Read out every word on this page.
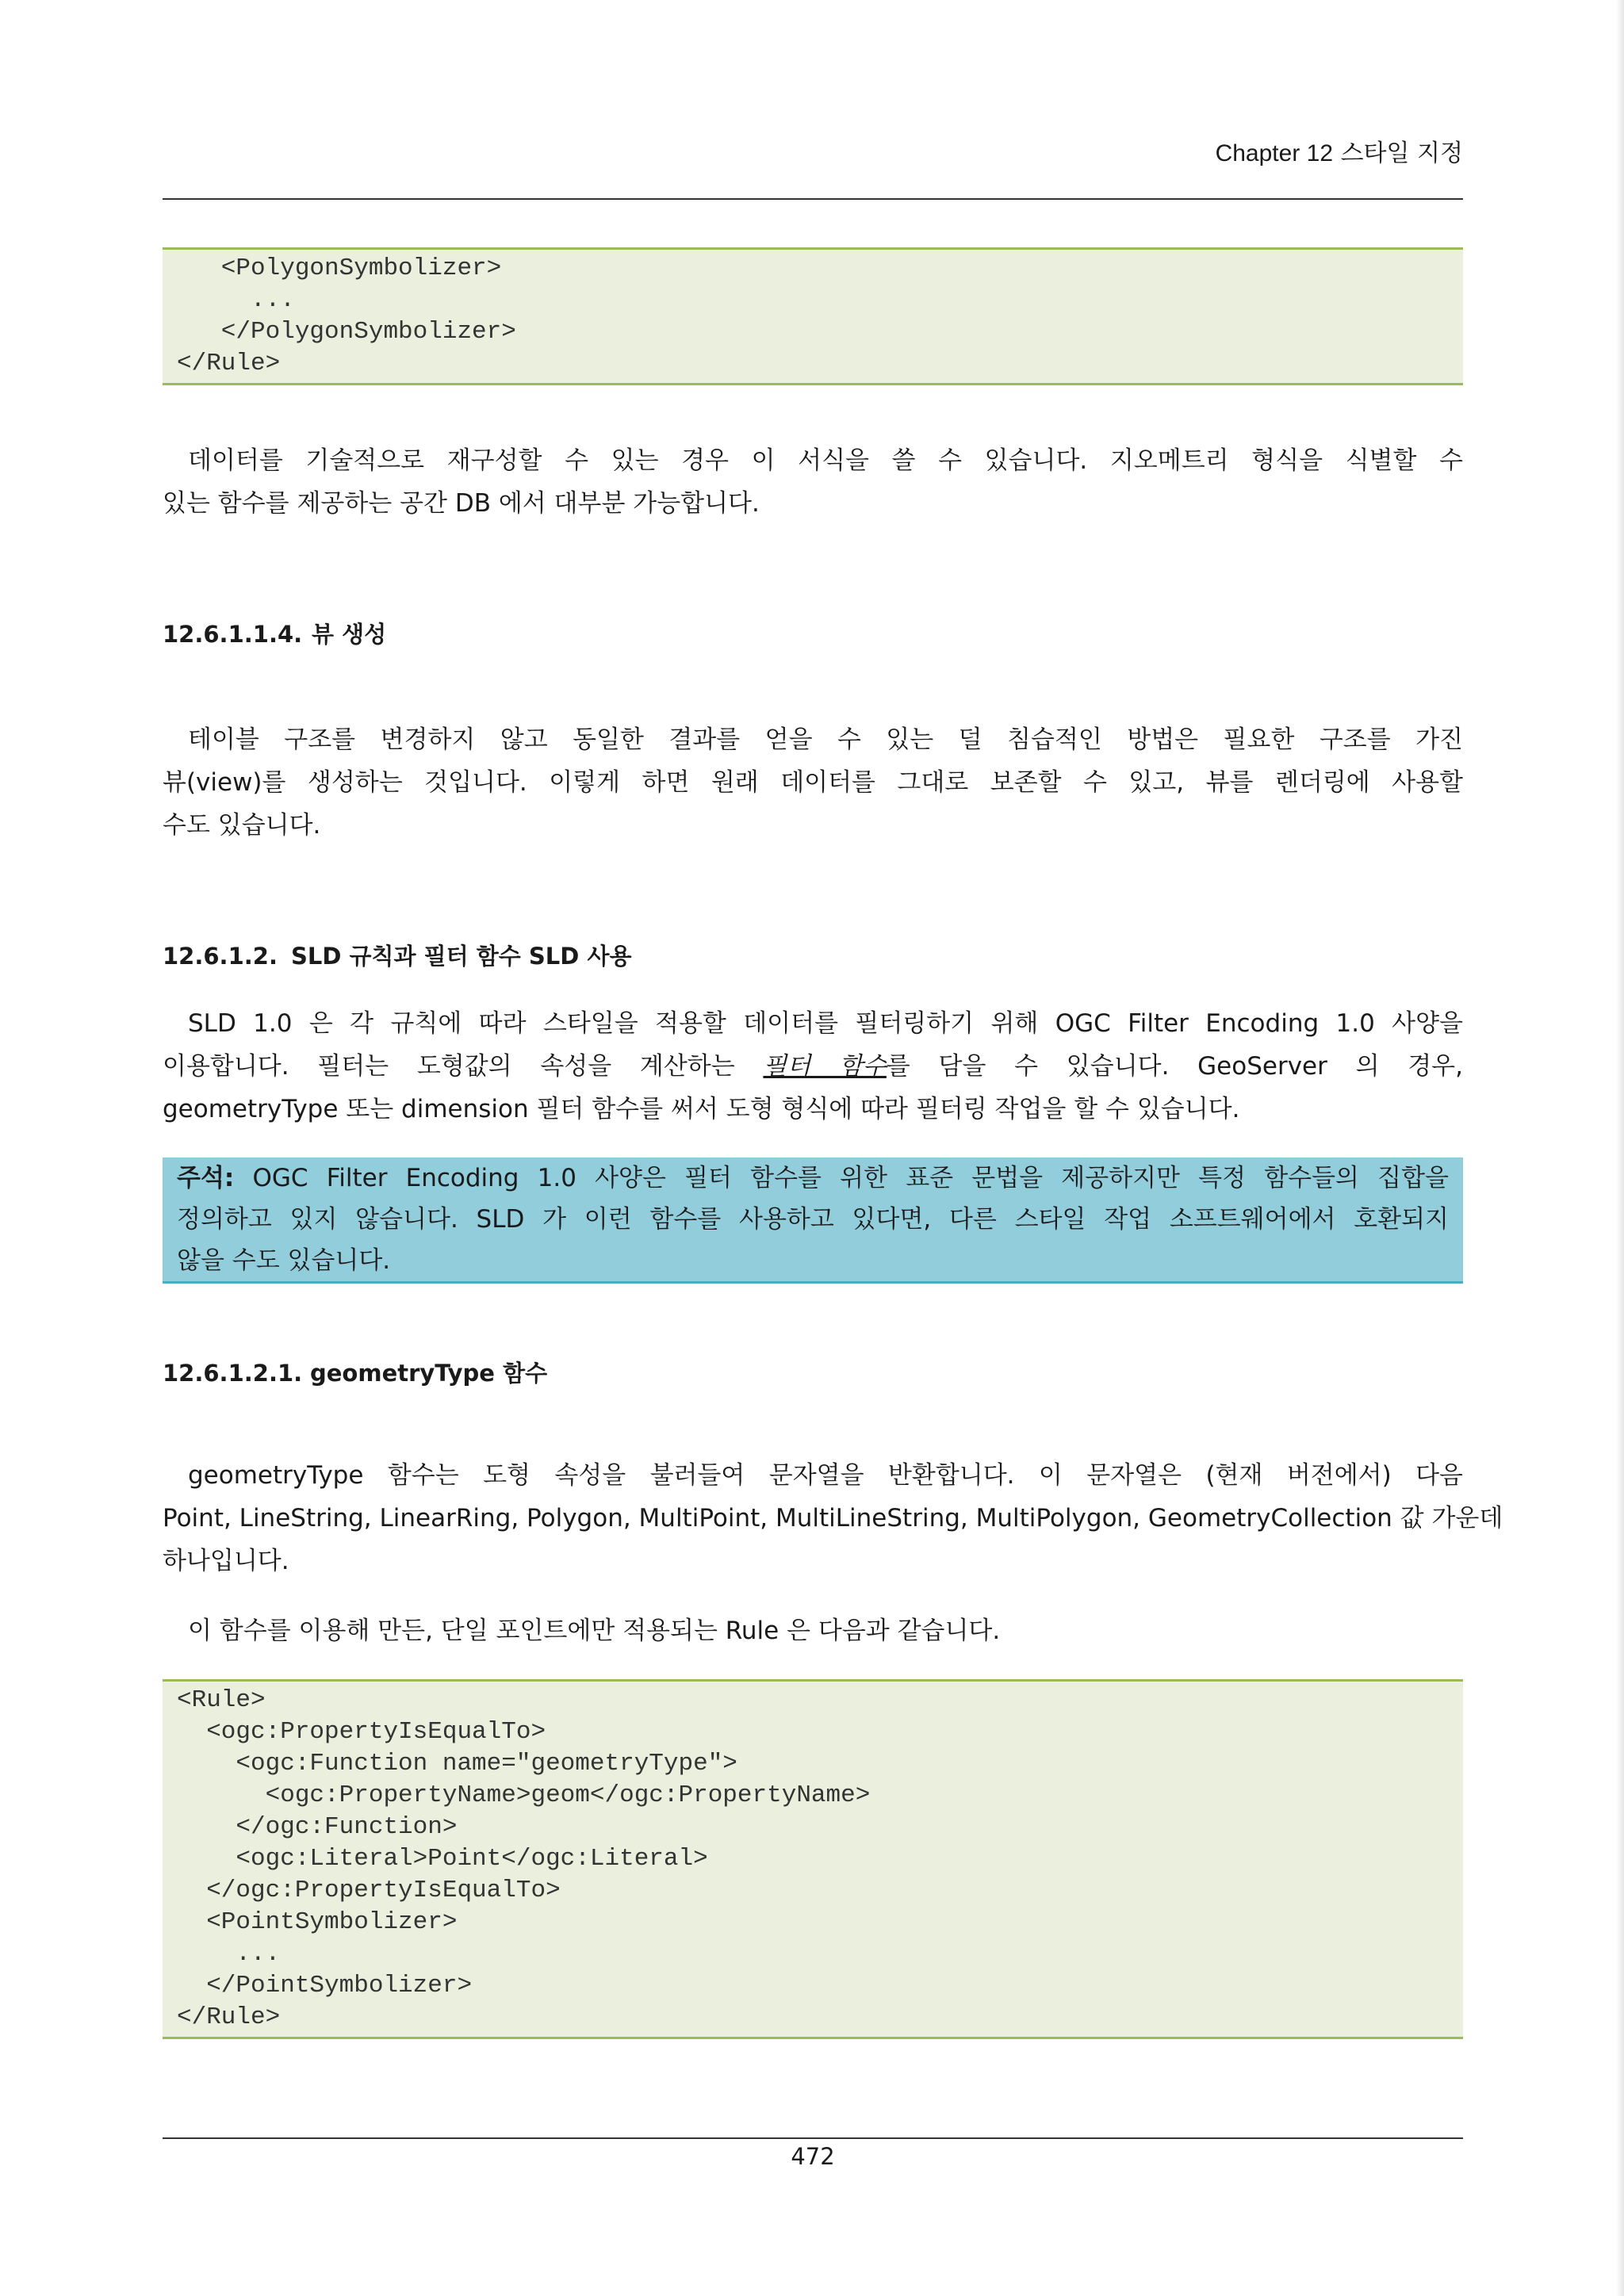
Chapter 12 스타일 지정
<PolygonSymbolizer>
...
</PolygonSymbolizer>
</Rule>
데이터를 기술적으로 재구성할 수 있는 경우 이 서식을 쓸 수 있습니다. 지오메트리 형식을 식별할 수
있는 함수를 제공하는 공간 DB 에서 대부분 가능합니다.
12.6.1.1.4. 뷰 생성
테이블 구조를 변경하지 않고 동일한 결과를 얻을 수 있는 덜 침습적인 방법은 필요한 구조를 가진
뷰(view)를 생성하는 것입니다. 이렇게 하면 원래 데이터를 그대로 보존할 수 있고, 뷰를 렌더링에 사용할
수도 있습니다.
12.6.1.2. SLD 규칙과 필터 함수 SLD 사용
SLD 1.0 은 각 규칙에 따라 스타일을 적용할 데이터를 필터링하기 위해 OGC Filter Encoding 1.0 사양을
이용합니다. 필터는 도형값의 속성을 계산하는 필터 함수를 담을 수 있습니다. GeoServer 의 경우,
geometryType 또는 dimension 필터 함수를 써서 도형 형식에 따라 필터링 작업을 할 수 있습니다.
주석: OGC Filter Encoding 1.0 사양은 필터 함수를 위한 표준 문법을 제공하지만 특정 함수들의 집합을
정의하고 있지 않습니다. SLD 가 이런 함수를 사용하고 있다면, 다른 스타일 작업 소프트웨어에서 호환되지
않을 수도 있습니다.
12.6.1.2.1. geometryType 함수
geometryType 함수는 도형 속성을 불러들여 문자열을 반환합니다. 이 문자열은 (현재 버전에서) 다음
Point, LineString, LinearRing, Polygon, MultiPoint, MultiLineString, MultiPolygon, GeometryCollection 값 가운데
하나입니다.
이 함수를 이용해 만든, 단일 포인트에만 적용되는 Rule 은 다음과 같습니다.
<Rule>
<ogc:PropertyIsEqualTo>
<ogc:Function name="geometryType">
<ogc:PropertyName>geom</ogc:PropertyName>
</ogc:Function>
<ogc:Literal>Point</ogc:Literal>
</ogc:PropertyIsEqualTo>
<PointSymbolizer>
...
</PointSymbolizer>
</Rule>
472
